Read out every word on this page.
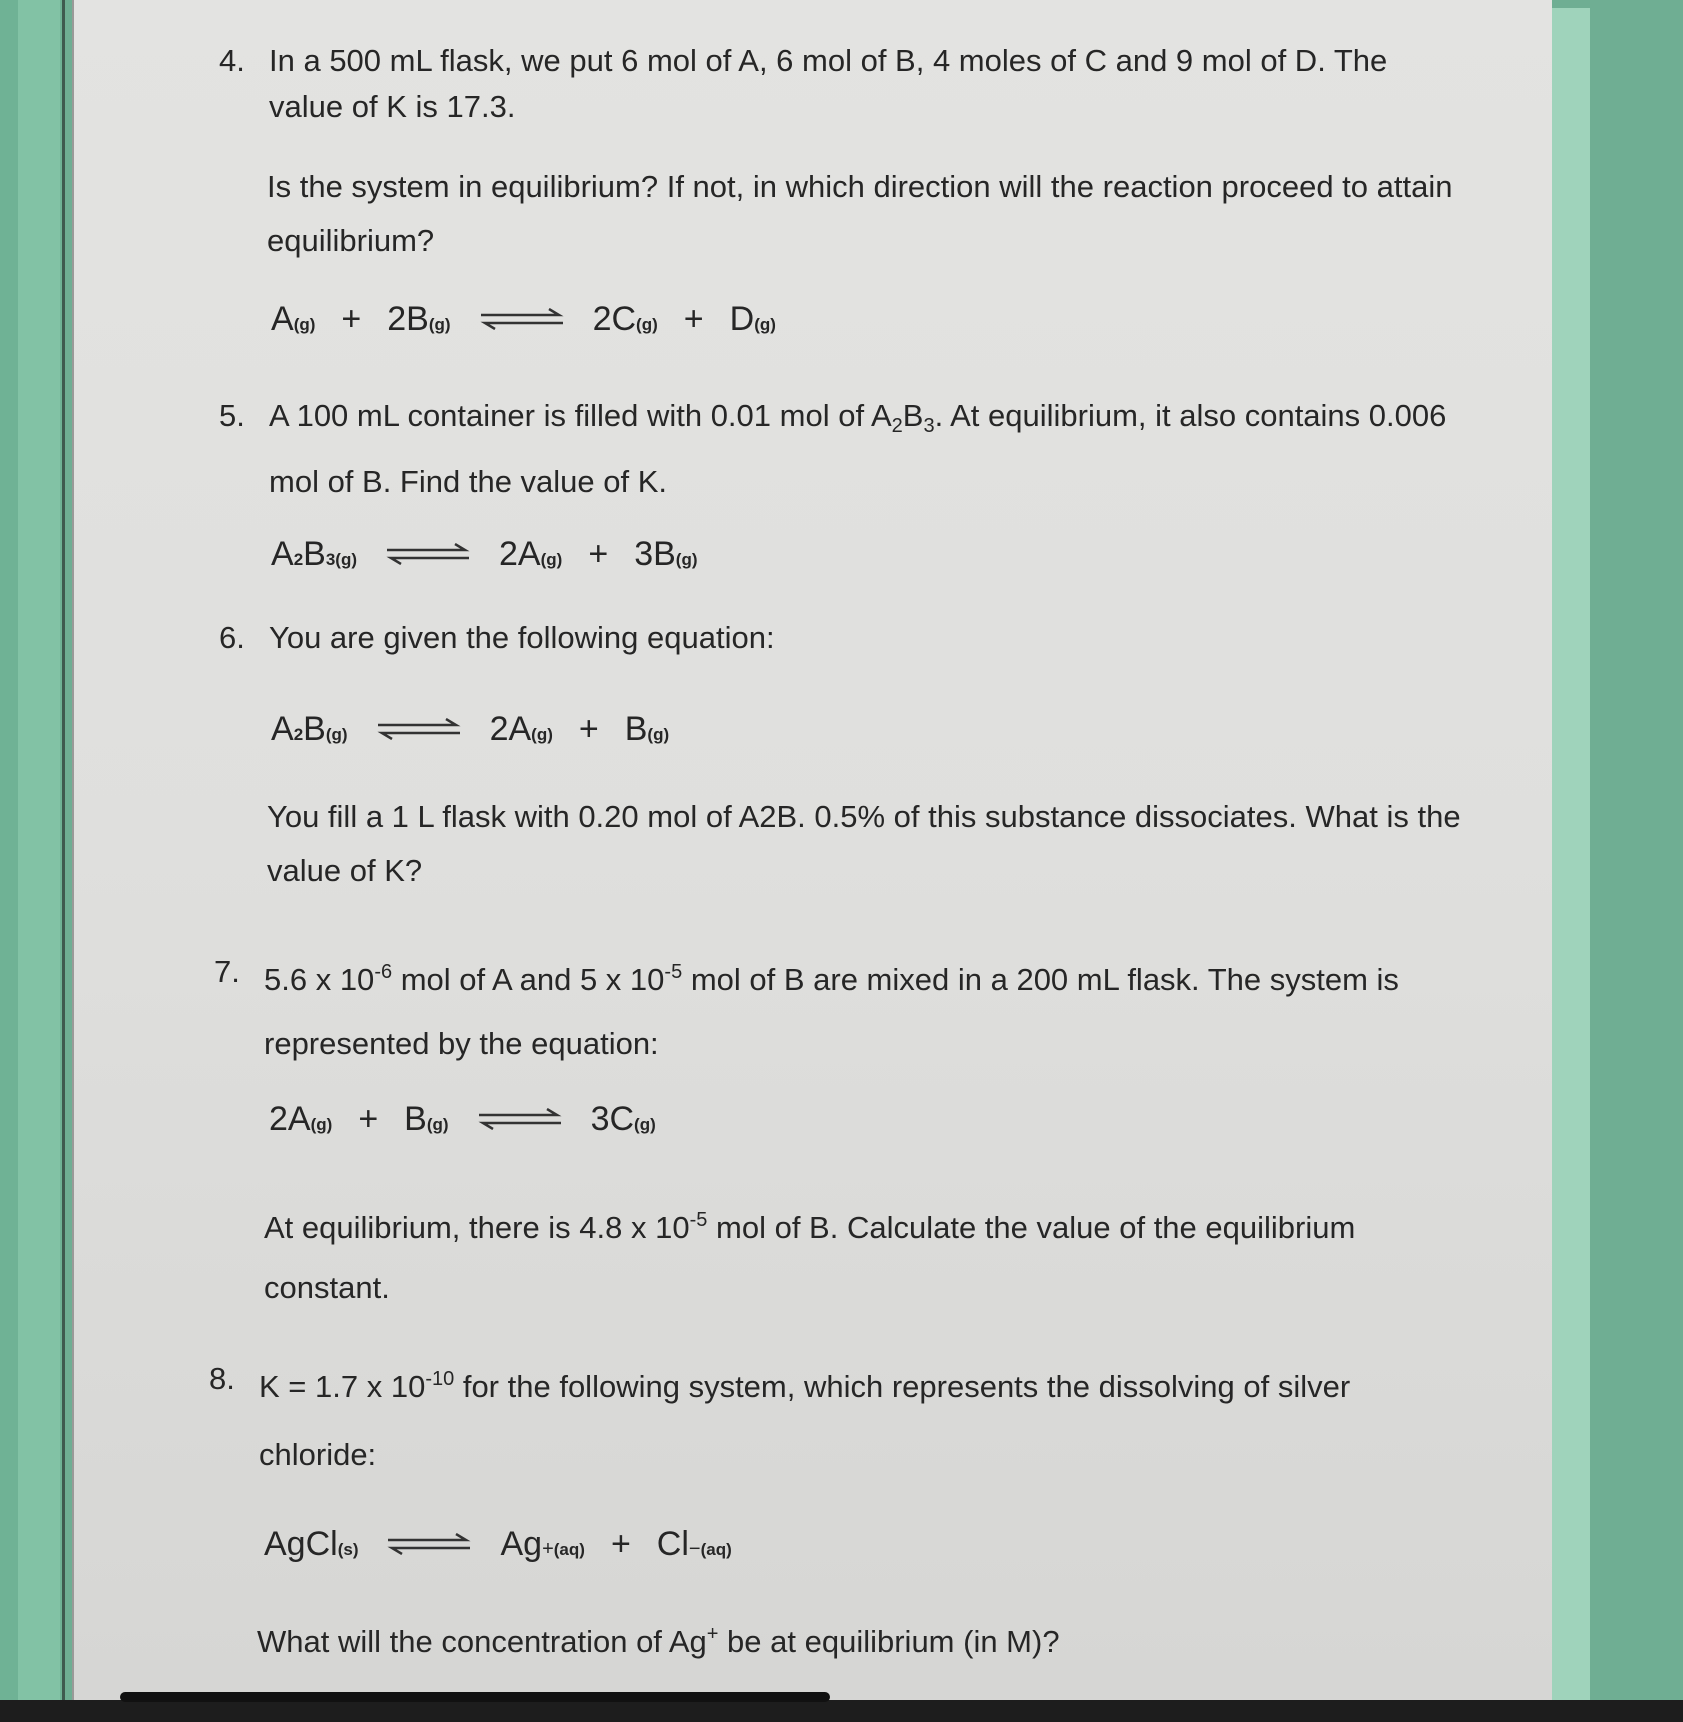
4. In a 500 mL flask, we put 6 mol of A, 6 mol of B, 4 moles of C and 9 mol of D. The
value of K is 17.3.
Is the system in equilibrium? If not, in which direction will the reaction proceed to attain
equilibrium?
A (g) + 2B (g) ⇌ 2C (g) + D (g)
5. A 100 mL container is filled with 0.01 mol of $A_2B_3$. At equilibrium, it also contains 0.006
mol of B. Find the value of K.
A 2 B 3(g) ⇌ 2A (g) + 3B (g)
6. You are given the following equation:
A 2 B (g) ⇌ 2A (g) + B (g)
You fill a 1 L flask with 0.20 mol of A2B. 0.5% of this substance dissociates. What is the
value of K?
7. 5.6 x $10^{-6}$ mol of A and 5 x $10^{-5}$ mol of B are mixed in a 200 mL flask. The system is
represented by the equation:
2A (g) + B (g) ⇌ 3C (g)
At equilibrium, there is 4.8 x $10^{-5}$ mol of B. Calculate the value of the equilibrium
constant.
8. K = 1.7 x $10^{-10}$ for the following system, which represents the dissolving of silver
chloride:
AgCl (s) ⇌ Ag + (aq) + Cl − (aq)
What will the concentration of Ag+ be at equilibrium (in M)?
